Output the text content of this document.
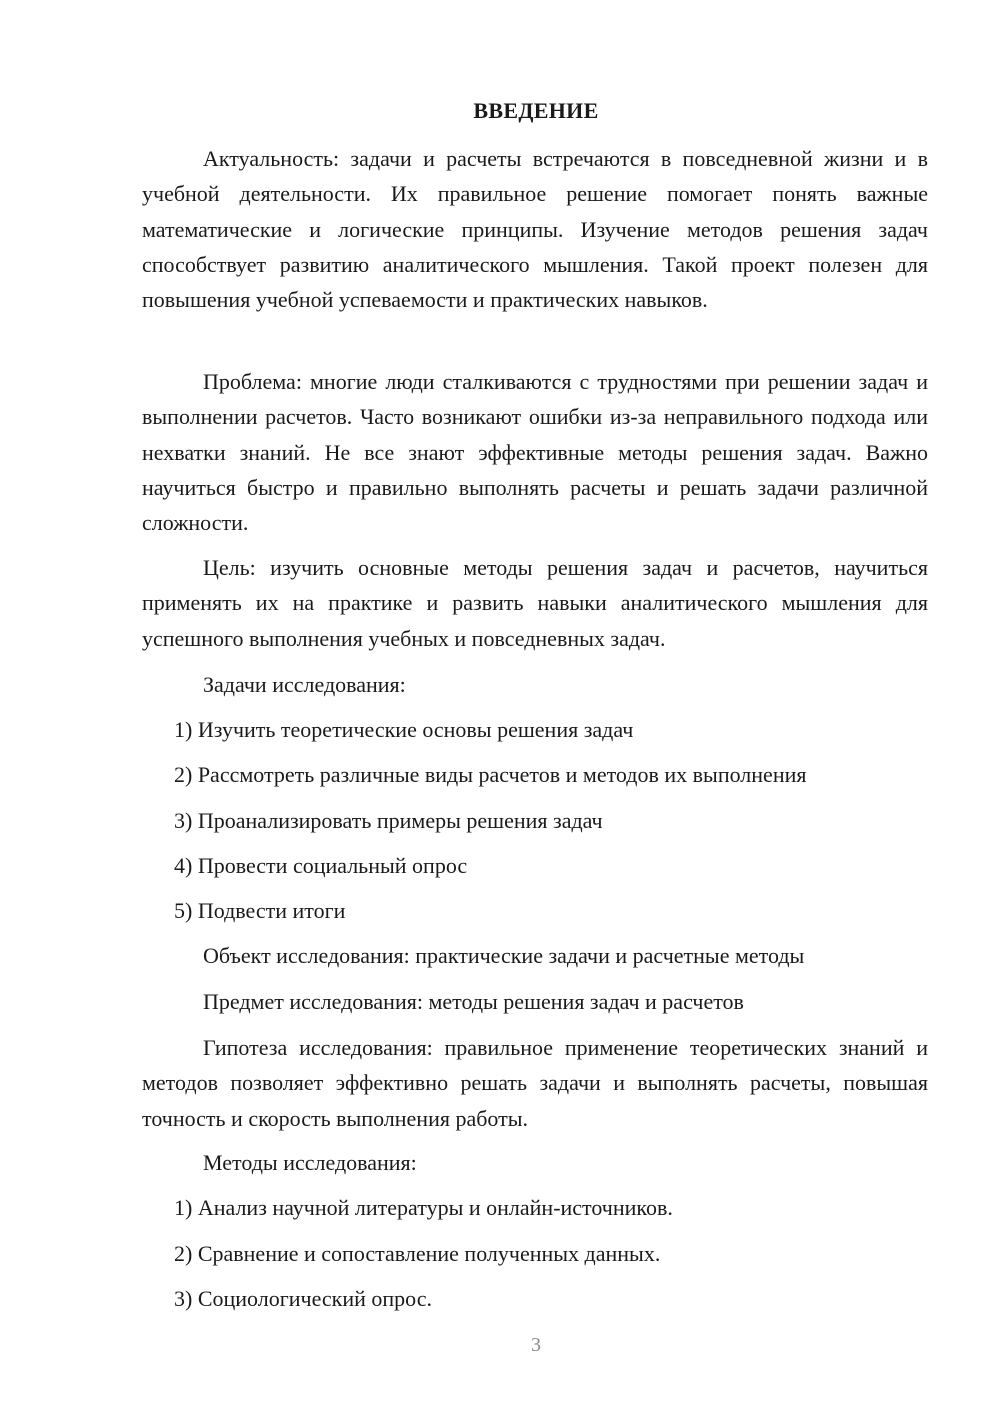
ВВЕДЕНИЕ

Актуальность: задачи и расчеты встречаются в повседневной жизни и в учебной деятельности. Их правильное решение помогает понять важные математические и логические принципы. Изучение методов решения задач способствует развитию аналитического мышления. Такой проект полезен для повышения учебной успеваемости и практических навыков.

Проблема: многие люди сталкиваются с трудностями при решении задач и выполнении расчетов. Часто возникают ошибки из-за неправильного подхода или нехватки знаний. Не все знают эффективные методы решения задач. Важно научиться быстро и правильно выполнять расчеты и решать задачи различной сложности.

Цель: изучить основные методы решения задач и расчетов, научиться применять их на практике и развить навыки аналитического мышления для успешного выполнения учебных и повседневных задач.

Задачи исследования:

1) Изучить теоретические основы решения задач

2) Рассмотреть различные виды расчетов и методов их выполнения

3) Проанализировать примеры решения задач

4) Провести социальный опрос

5) Подвести итоги

Объект исследования: практические задачи и расчетные методы

Предмет исследования: методы решения задач и расчетов

Гипотеза исследования: правильное применение теоретических знаний и методов позволяет эффективно решать задачи и выполнять расчеты, повышая точность и скорость выполнения работы.

Методы исследования:

1) Анализ научной литературы и онлайн-источников.

2) Сравнение и сопоставление полученных данных.

3) Социологический опрос.

3
